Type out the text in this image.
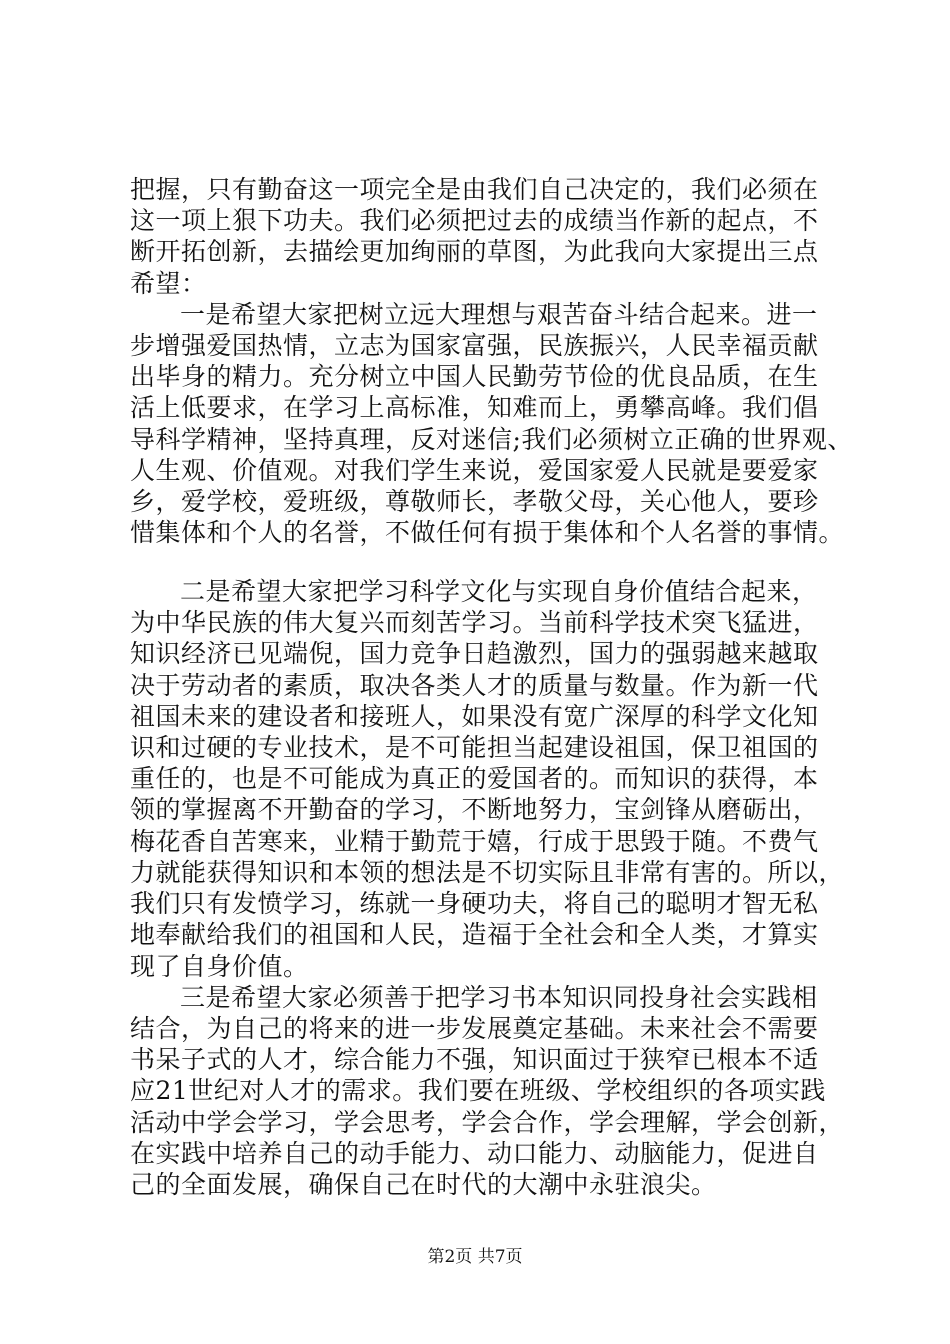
把握，只有勤奋这一项完全是由我们自己决定的，我们必须在
这一项上狠下功夫。我们必须把过去的成绩当作新的起点，不
断开拓创新，去描绘更加绚丽的草图，为此我向大家提出三点
希望：
一是希望大家把树立远大理想与艰苦奋斗结合起来。进一
步增强爱国热情，立志为国家富强，民族振兴，人民幸福贡献
出毕身的精力。充分树立中国人民勤劳节俭的优良品质，在生
活上低要求，在学习上高标准，知难而上，勇攀高峰。我们倡
导科学精神，坚持真理，反对迷信;我们必须树立正确的世界观、
人生观、价值观。对我们学生来说，爱国家爱人民就是要爱家
乡，爱学校，爱班级，尊敬师长，孝敬父母，关心他人，要珍
惜集体和个人的名誉，不做任何有损于集体和个人名誉的事情。
二是希望大家把学习科学文化与实现自身价值结合起来，
为中华民族的伟大复兴而刻苦学习。当前科学技术突飞猛进，
知识经济已见端倪，国力竞争日趋激烈，国力的强弱越来越取
决于劳动者的素质，取决各类人才的质量与数量。作为新一代
祖国未来的建设者和接班人，如果没有宽广深厚的科学文化知
识和过硬的专业技术，是不可能担当起建设祖国，保卫祖国的
重任的，也是不可能成为真正的爱国者的。而知识的获得，本
领的掌握离不开勤奋的学习，不断地努力，宝剑锋从磨砺出，
梅花香自苦寒来，业精于勤荒于嬉，行成于思毁于随。不费气
力就能获得知识和本领的想法是不切实际且非常有害的。所以，
我们只有发愤学习，练就一身硬功夫，将自己的聪明才智无私
地奉献给我们的祖国和人民，造福于全社会和全人类，才算实
现了自身价值。
三是希望大家必须善于把学习书本知识同投身社会实践相
结合，为自己的将来的进一步发展奠定基础。未来社会不需要
书呆子式的人才，综合能力不强，知识面过于狭窄已根本不适
应21世纪对人才的需求。我们要在班级、学校组织的各项实践
活动中学会学习，学会思考，学会合作，学会理解，学会创新，
在实践中培养自己的动手能力、动口能力、动脑能力，促进自
己的全面发展，确保自己在时代的大潮中永驻浪尖。
第2页 共7页
